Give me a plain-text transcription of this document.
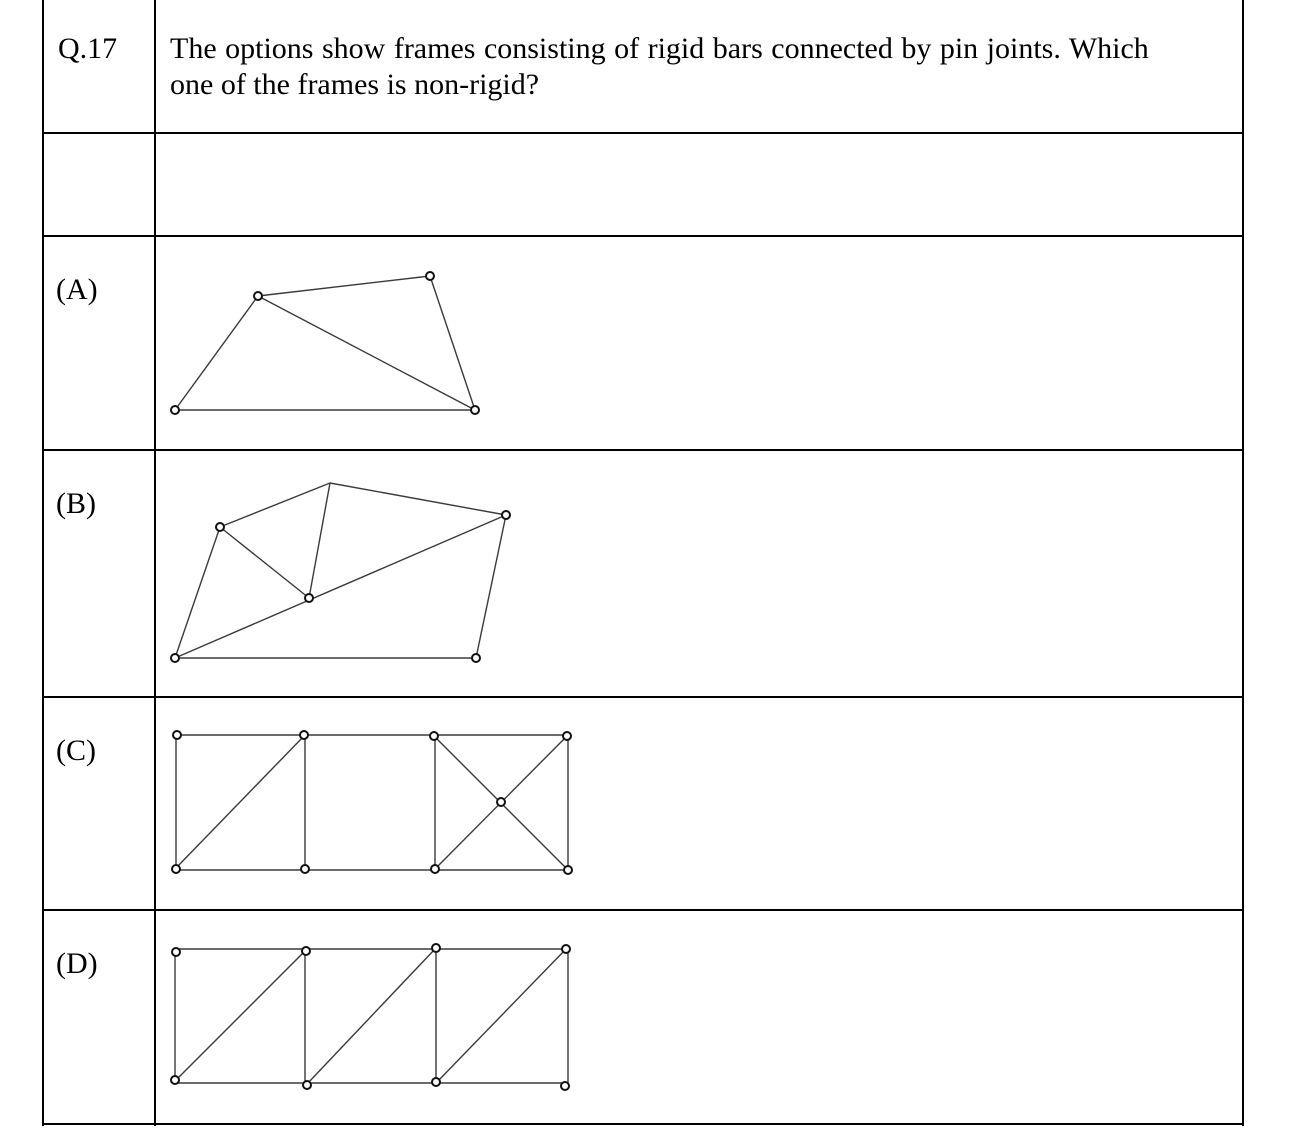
Q.17 The options show frames consisting of rigid bars connected by pin joints. Which
one of the frames is non-rigid?
(A)
(B)
(C)
(D)
